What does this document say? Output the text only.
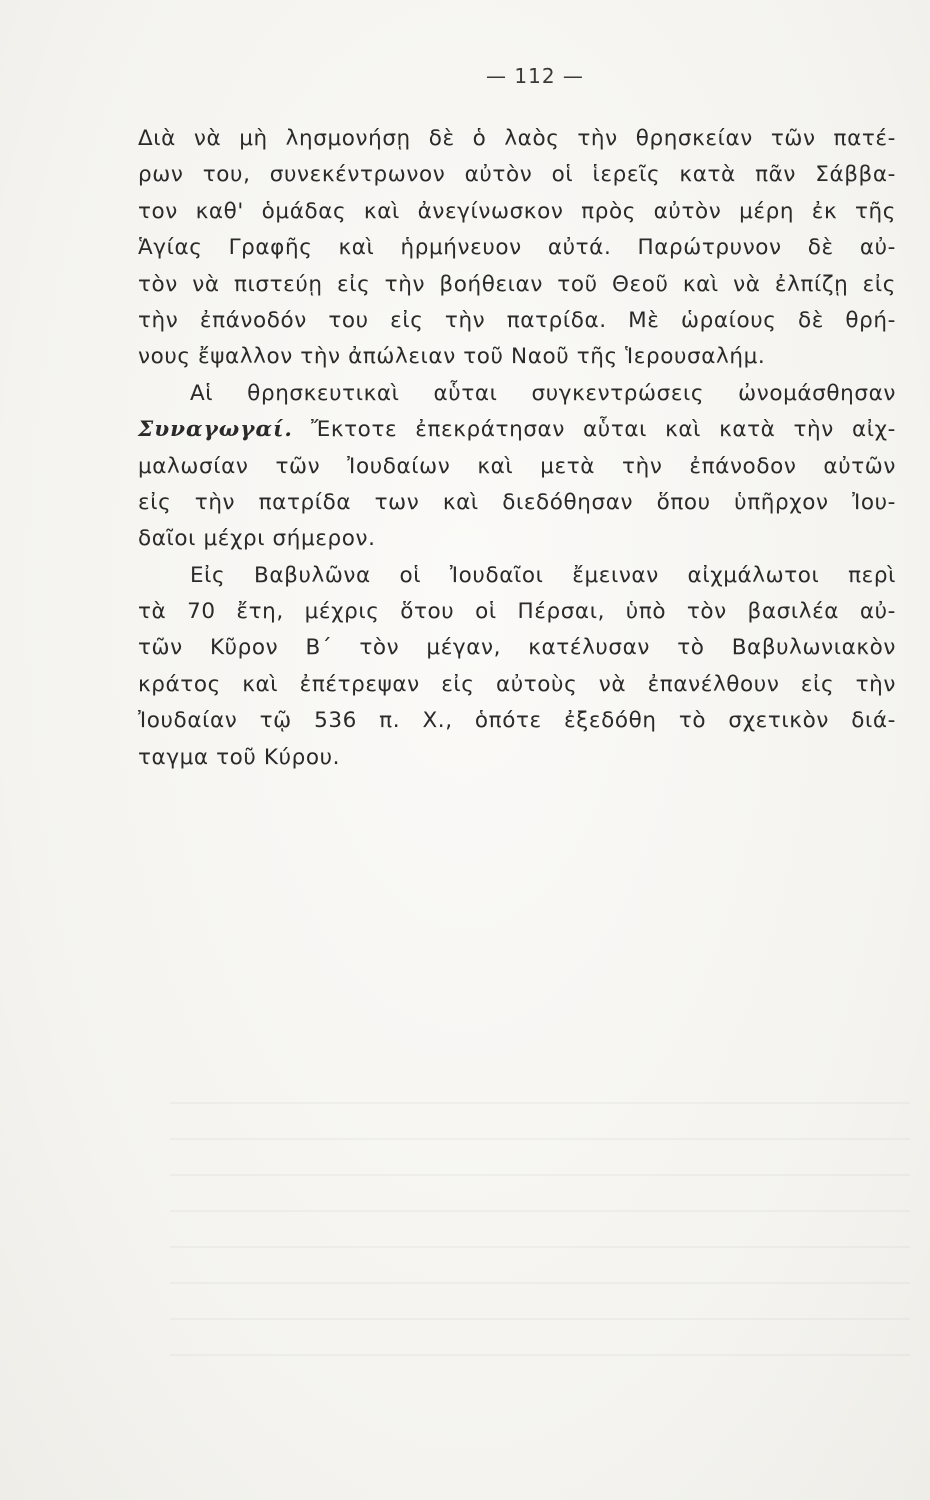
— 112 —
Διὰ νὰ μὴ λησμονήσῃ δὲ ὁ λαὸς τὴν θρησκείαν τῶν πατέ-
ρων του, συνεκέντρωνον αὐτὸν οἱ ἱερεῖς κατὰ πᾶν Σάββα-
τον καθ' ὁμάδας καὶ ἀνεγίνωσκον πρὸς αὐτὸν μέρη ἐκ τῆς
Ἁγίας Γραφῆς καὶ ἡρμήνευον αὐτά. Παρώτρυνον δὲ αὐ-
τὸν νὰ πιστεύῃ εἰς τὴν βοήθειαν τοῦ Θεοῦ καὶ νὰ ἐλπίζῃ εἰς
τὴν ἐπάνοδόν του εἰς τὴν πατρίδα. Μὲ ὡραίους δὲ θρή-
νους ἔψαλλον τὴν ἀπώλειαν τοῦ Ναοῦ τῆς Ἱερουσαλήμ.
Αἱ θρησκευτικαὶ αὗται συγκεντρώσεις ὠνομάσθησαν
Συναγωγαί. Ἔκτοτε ἐπεκράτησαν αὗται καὶ κατὰ τὴν αἰχ-
μαλωσίαν τῶν Ἰουδαίων καὶ μετὰ τὴν ἐπάνοδον αὐτῶν
εἰς τὴν πατρίδα των καὶ διεδόθησαν ὅπου ὑπῆρχον Ἰου-
δαῖοι μέχρι σήμερον.
Εἰς Βαβυλῶνα οἱ Ἰουδαῖοι ἔμειναν αἰχμάλωτοι περὶ
τὰ 70 ἔτη, μέχρις ὅτου οἱ Πέρσαι, ὑπὸ τὸν βασιλέα αὐ-
τῶν Κῦρον Β΄ τὸν μέγαν, κατέλυσαν τὸ Βαβυλωνιακὸν
κράτος καὶ ἐπέτρεψαν εἰς αὐτοὺς νὰ ἐπανέλθουν εἰς τὴν
Ἰουδαίαν τῷ 536 π. Χ., ὁπότε ἐξεδόθη τὸ σχετικὸν διά-
ταγμα τοῦ Κύρου.
